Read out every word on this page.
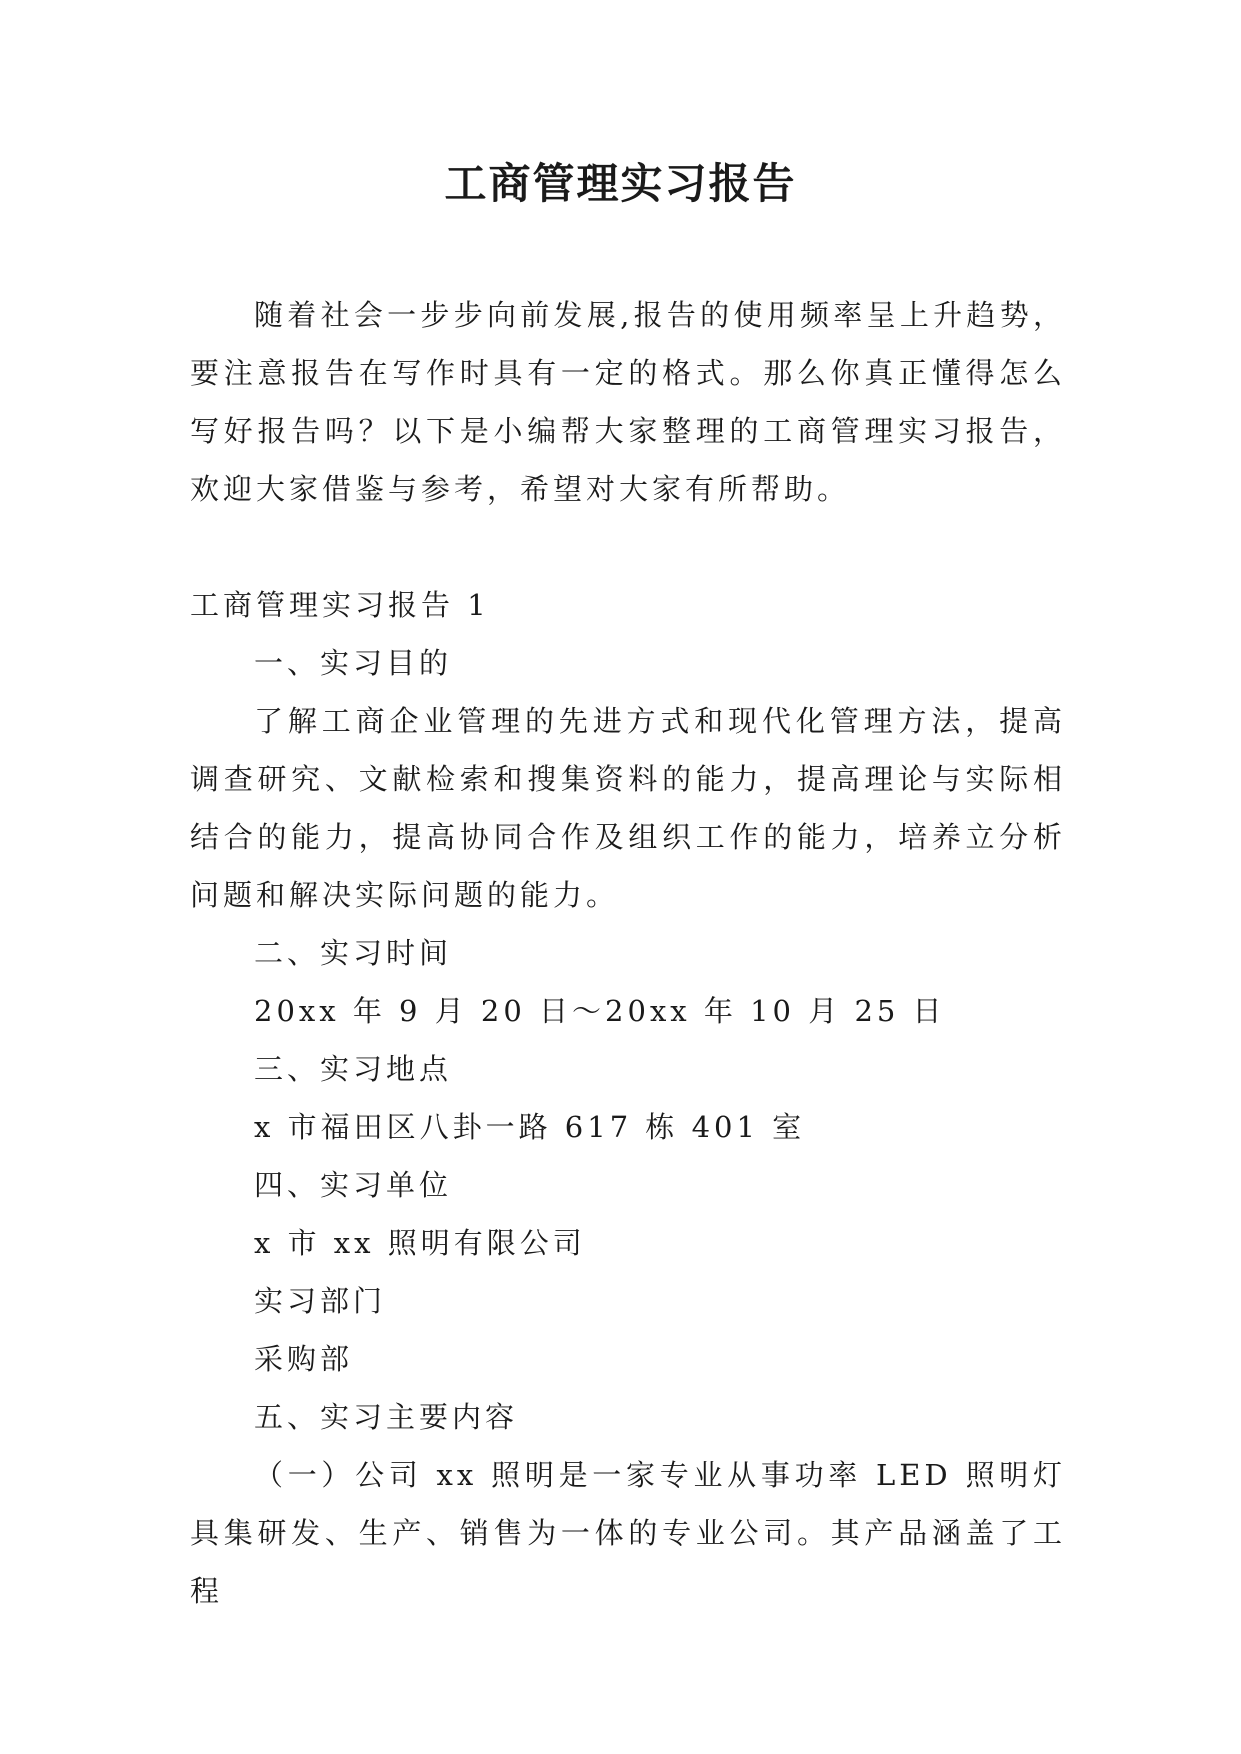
工商管理实习报告

随着社会一步步向前发展,报告的使用频率呈上升趋势，要注意报告在写作时具有一定的格式。那么你真正懂得怎么写好报告吗？以下是小编帮大家整理的工商管理实习报告，欢迎大家借鉴与参考，希望对大家有所帮助。

工商管理实习报告 1

一、实习目的

了解工商企业管理的先进方式和现代化管理方法，提高调查研究、文献检索和搜集资料的能力，提高理论与实际相结合的能力，提高协同合作及组织工作的能力，培养立分析问题和解决实际问题的能力。

二、实习时间

20xx 年 9 月 20 日～20xx 年 10 月 25 日

三、实习地点

x 市福田区八卦一路 617 栋 401 室

四、实习单位

x 市 xx 照明有限公司

实习部门

采购部

五、实习主要内容

（一）公司 xx 照明是一家专业从事功率 LED 照明灯具集研发、生产、销售为一体的专业公司。其产品涵盖了工程
